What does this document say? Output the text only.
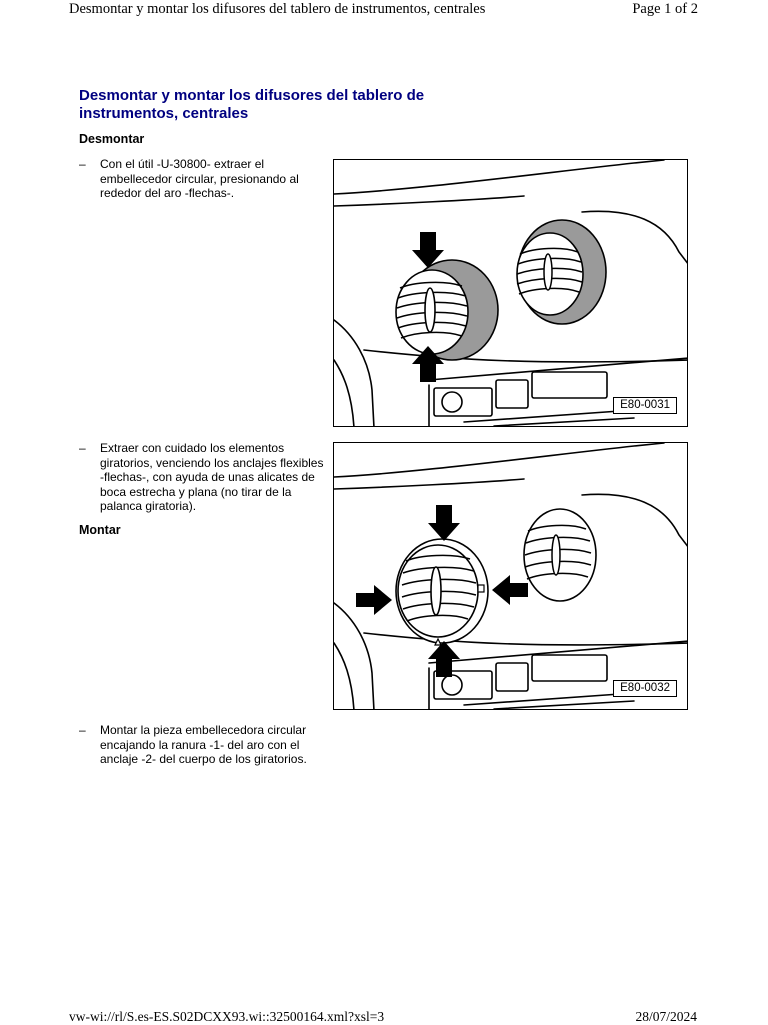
Desmontar y montar los difusores del tablero de instrumentos, centrales	Page 1 of 2
Desmontar y montar los difusores del tablero de instrumentos, centrales
Desmontar
– Con el útil -U-30800- extraer el embellecedor circular, presionando al rededor del aro -flechas-.
E80-0031
– Extraer con cuidado los elementos giratorios, venciendo los anclajes flexibles -flechas-, con ayuda de unas alicates de boca estrecha y plana (no tirar de la palanca giratoria).
Montar
E80-0032
– Montar la pieza embellecedora circular encajando la ranura -1- del aro con el anclaje -2- del cuerpo de los giratorios.
vw-wi://rl/S.es-ES.S02DCXX93.wi::32500164.xml?xsl=3	28/07/2024
